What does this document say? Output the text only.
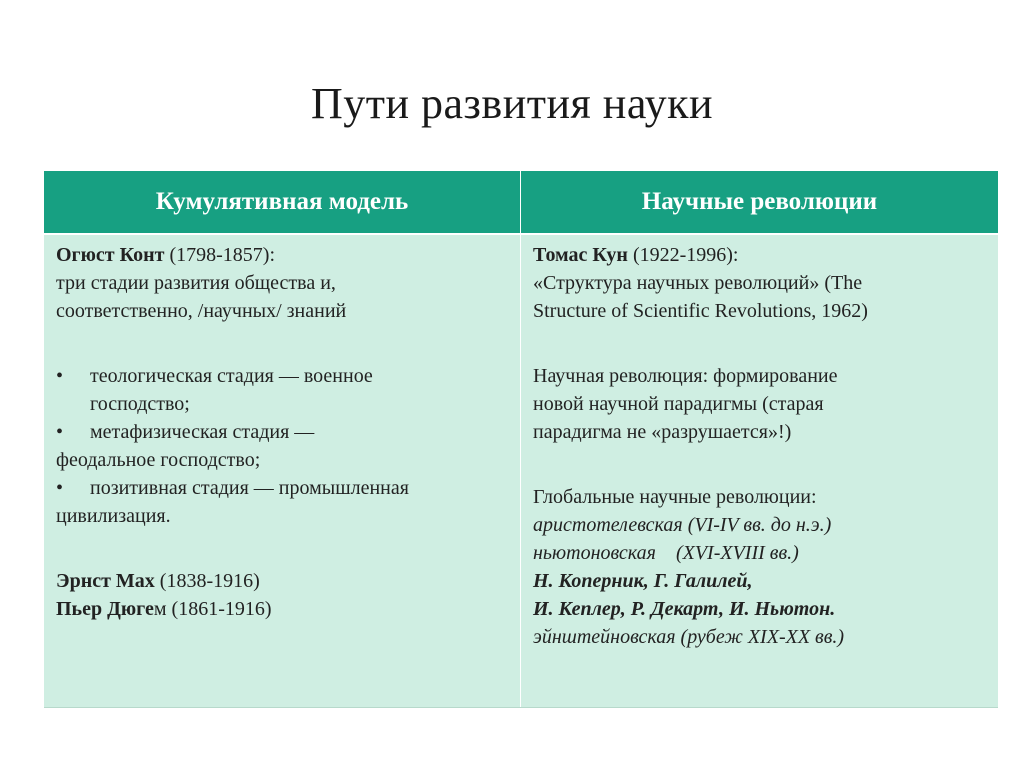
Пути развития науки
Кумулятивная модель	Научные революции
Огюст Конт (1798-1857):
три стадии развития общества и,
соответственно, /научных/ знаний
• теологическая стадия — военное
господство;
• метафизическая стадия —
феодальное господство;
• позитивная стадия — промышленная
цивилизация.
Эрнст Мах (1838-1916)
Пьер Дюгем (1861-1916)
Томас Кун (1922-1996):
«Структура научных революций» (The
Structure of Scientific Revolutions, 1962)
Научная революция: формирование
новой научной парадигмы (старая
парадигма не «разрушается»!)
Глобальные научные революции:
аристотелевская (VI-IV вв. до н.э.)
ньютоновская    (XVI-XVIII вв.)
Н. Коперник, Г. Галилей,
И. Кеплер, Р. Декарт, И. Ньютон.
эйнштейновская (рубеж XIX-XX вв.)
